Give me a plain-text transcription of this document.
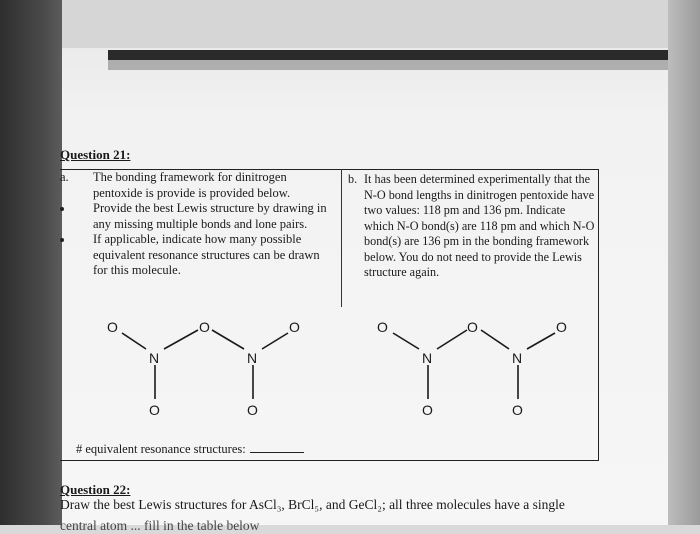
Question 21:
a. The bonding framework for dinitrogen pentoxide is provide is provided below.

Provide the best Lewis structure by drawing in any missing multiple bonds and lone pairs.

If applicable, indicate how many possible equivalent resonance structures can be drawn for this molecule.

b. It has been determined experimentally that the N-O bond lengths in dinitrogen pentoxide have two values: 118 pm and 136 pm. Indicate which N-O bond(s) are 118 pm and which N-O bond(s) are 136 pm in the bonding framework below. You do not need to provide the Lewis structure again.

O
N
O
N
O
O	O
O
N
O
N
O
O	O
# equivalent resonance structures:
Question 22:
Draw the best Lewis structures for AsCl₃, BrCl₅, and GeCl₂; all three molecules have a single
central atom ... fill in the table below
